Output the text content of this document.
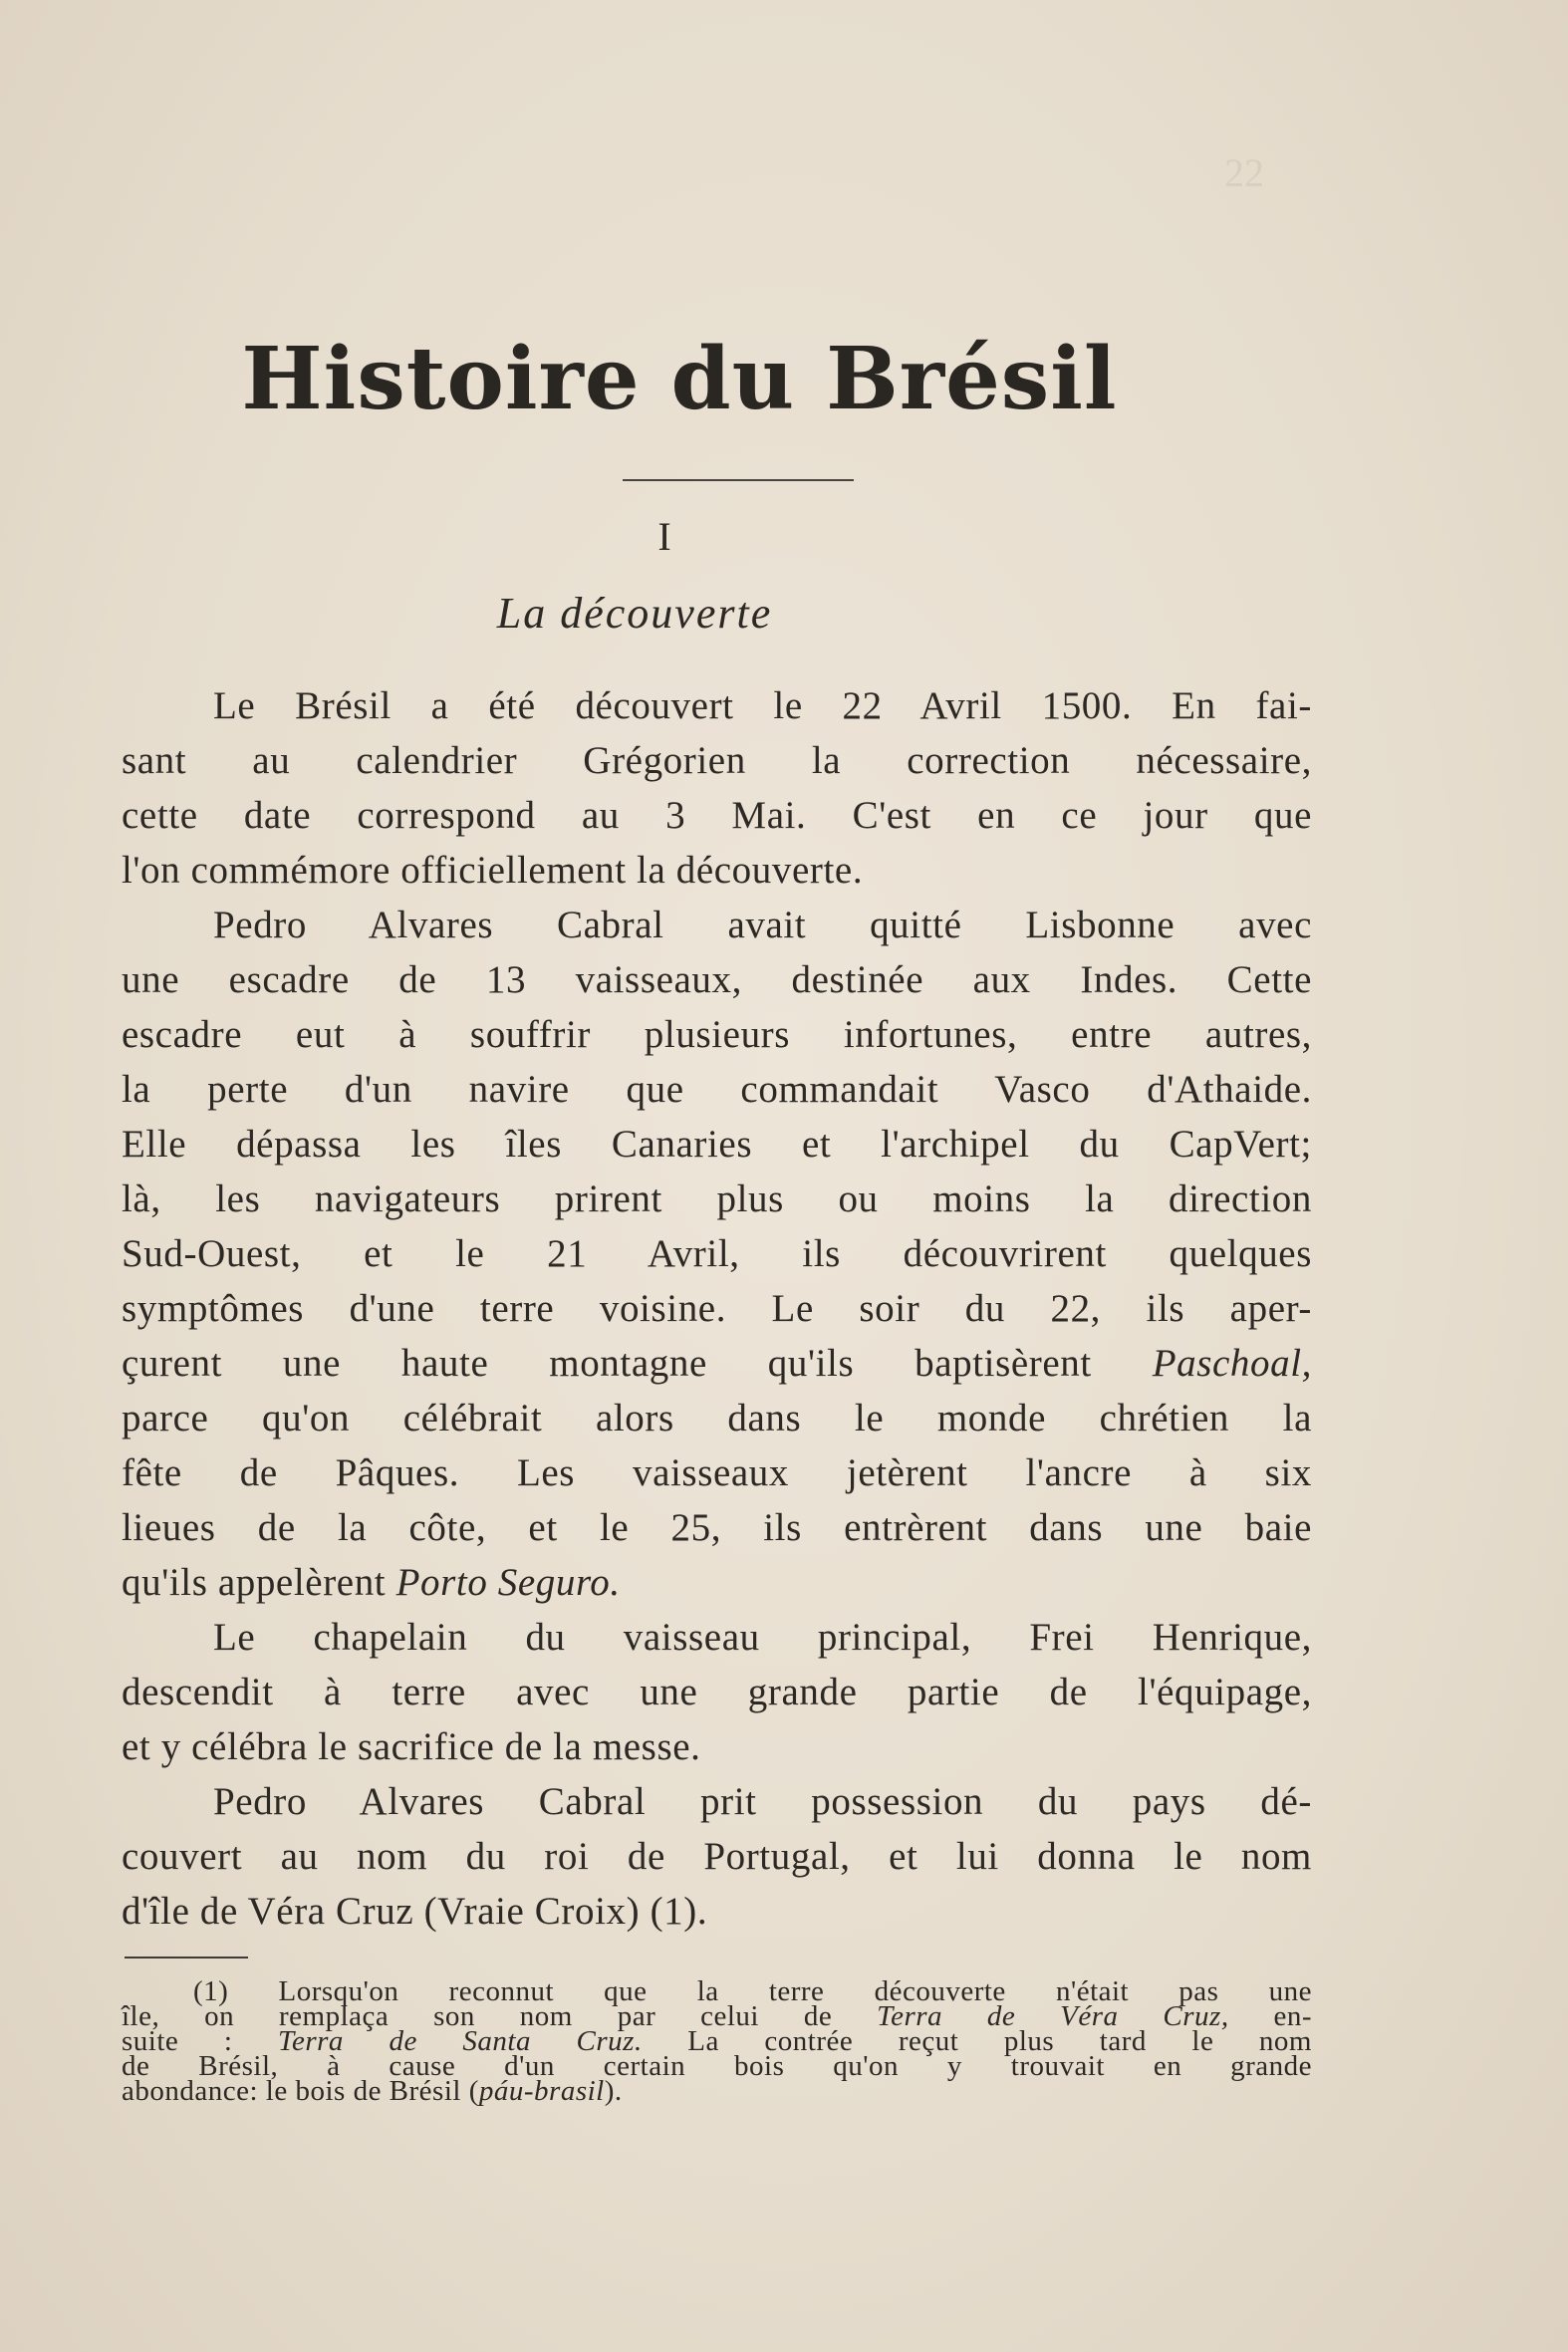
22
Histoire du Brésil
I
La découverte
Le Brésil a été découvert le 22 Avril 1500. En fai-
sant au calendrier Grégorien la correction nécessaire,
cette date correspond au 3 Mai. C'est en ce jour que
l'on commémore officiellement la découverte.
Pedro Alvares Cabral avait quitté Lisbonne avec
une escadre de 13 vaisseaux, destinée aux Indes. Cette
escadre eut à souffrir plusieurs infortunes, entre autres,
la perte d'un navire que commandait Vasco d'Athaide.
Elle dépassa les îles Canaries et l'archipel du CapVert;
là, les navigateurs prirent plus ou moins la direction
Sud-Ouest, et le 21 Avril, ils découvrirent quelques
symptômes d'une terre voisine. Le soir du 22, ils aper-
çurent une haute montagne qu'ils baptisèrent Paschoal,
parce qu'on célébrait alors dans le monde chrétien la
fête de Pâques. Les vaisseaux jetèrent l'ancre à six
lieues de la côte, et le 25, ils entrèrent dans une baie
qu'ils appelèrent Porto Seguro.
Le chapelain du vaisseau principal, Frei Henrique,
descendit à terre avec une grande partie de l'équipage,
et y célébra le sacrifice de la messe.
Pedro Alvares Cabral prit possession du pays dé-
couvert au nom du roi de Portugal, et lui donna le nom
d'île de Véra Cruz (Vraie Croix) (1).
(1) Lorsqu'on reconnut que la terre découverte n'était pas une
île, on remplaça son nom par celui de Terra de Véra Cruz, en-
suite : Terra de Santa Cruz. La contrée reçut plus tard le nom
de Brésil, à cause d'un certain bois qu'on y trouvait en grande
abondance: le bois de Brésil (páu-brasil).
